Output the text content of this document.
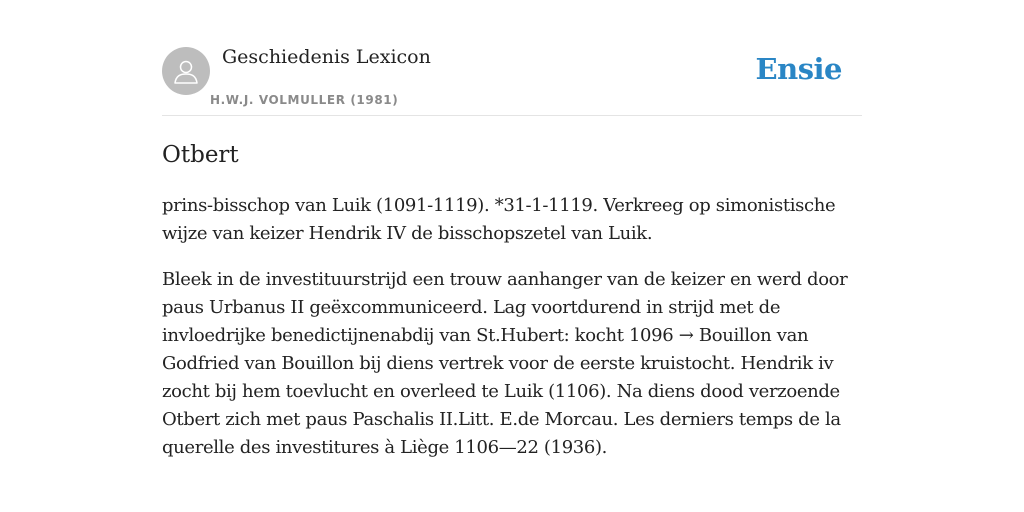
Geschiedenis Lexicon
H.W.J. VOLMULLER (1981)
Ensie
Otbert

prins-bisschop van Luik (1091-1119). *31-1-1119. Verkreeg op simonistische wijze van keizer Hendrik IV de bisschopszetel van Luik.

Bleek in de investituurstrijd een trouw aanhanger van de keizer en werd door paus Urbanus II geëxcommuniceerd. Lag voortdurend in strijd met de invloedrijke benedictijnenabdij van St.Hubert: kocht 1096 → Bouillon van Godfried van Bouillon bij diens vertrek voor de eerste kruistocht. Hendrik iv zocht bij hem toevlucht en overleed te Luik (1106). Na diens dood verzoende Otbert zich met paus Paschalis II.Litt. E.de Morcau. Les derniers temps de la querelle des investitures à Liège 1106—22 (1936).
